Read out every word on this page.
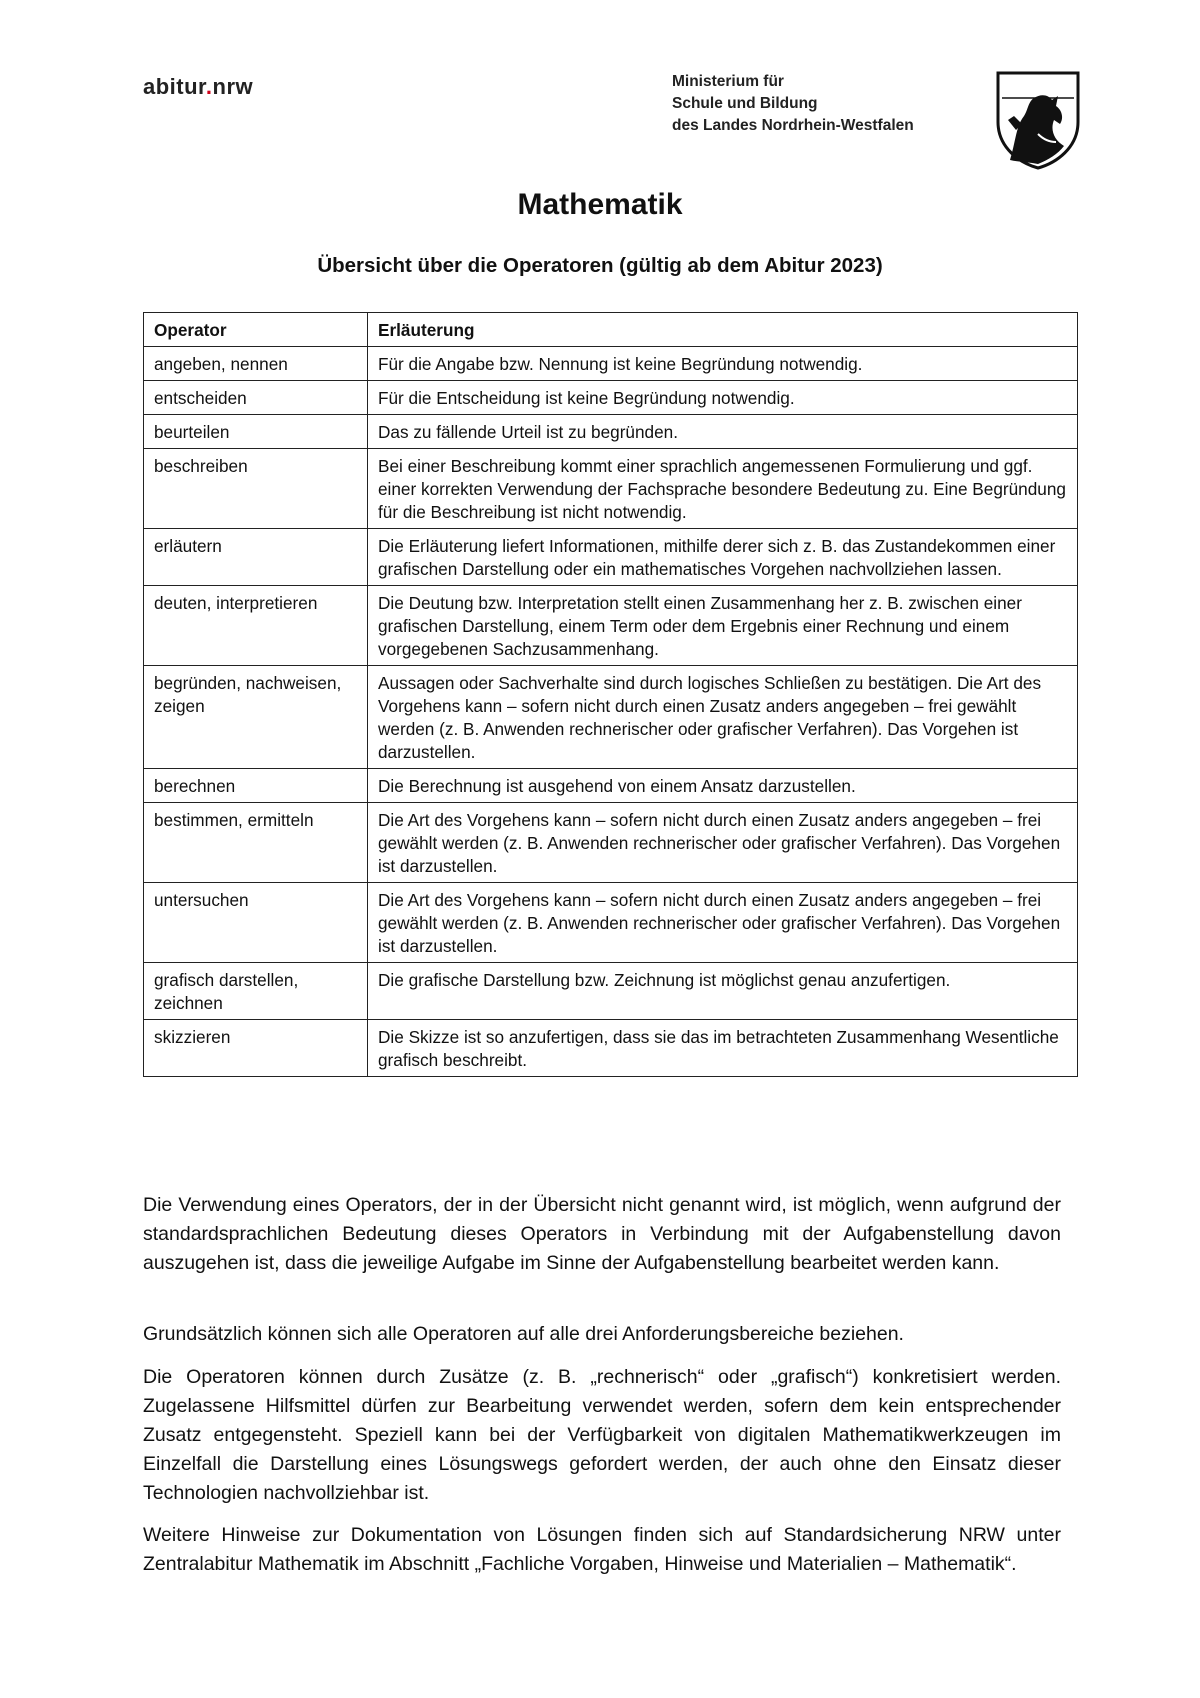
abitur.nrw	Ministerium für
Schule und Bildung
des Landes Nordrhein-Westfalen
Mathematik
Übersicht über die Operatoren (gültig ab dem Abitur 2023)
Operator	Erläuterung
angeben, nennen	Für die Angabe bzw. Nennung ist keine Begründung notwendig.
entscheiden	Für die Entscheidung ist keine Begründung notwendig.
beurteilen	Das zu fällende Urteil ist zu begründen.
beschreiben	Bei einer Beschreibung kommt einer sprachlich angemessenen Formulierung und ggf. einer korrekten Verwendung der Fachsprache besondere Bedeutung zu. Eine Begründung für die Beschreibung ist nicht notwendig.
erläutern	Die Erläuterung liefert Informationen, mithilfe derer sich z. B. das Zustandekommen einer grafischen Darstellung oder ein mathematisches Vorgehen nachvollziehen lassen.
deuten, interpretieren	Die Deutung bzw. Interpretation stellt einen Zusammenhang her z. B. zwischen einer grafischen Darstellung, einem Term oder dem Ergebnis einer Rechnung und einem vorgegebenen Sachzusammenhang.
begründen, nachweisen, zeigen	Aussagen oder Sachverhalte sind durch logisches Schließen zu bestätigen. Die Art des Vorgehens kann – sofern nicht durch einen Zusatz anders angegeben – frei gewählt werden (z. B. Anwenden rechnerischer oder grafischer Verfahren). Das Vorgehen ist darzustellen.
berechnen	Die Berechnung ist ausgehend von einem Ansatz darzustellen.
bestimmen, ermitteln	Die Art des Vorgehens kann – sofern nicht durch einen Zusatz anders angegeben – frei gewählt werden (z. B. Anwenden rechnerischer oder grafischer Verfahren). Das Vorgehen ist darzustellen.
untersuchen	Die Art des Vorgehens kann – sofern nicht durch einen Zusatz anders angegeben – frei gewählt werden (z. B. Anwenden rechnerischer oder grafischer Verfahren). Das Vorgehen ist darzustellen.
grafisch darstellen, zeichnen	Die grafische Darstellung bzw. Zeichnung ist möglichst genau anzufertigen.
skizzieren	Die Skizze ist so anzufertigen, dass sie das im betrachteten Zusammenhang Wesentliche grafisch beschreibt.

Die Verwendung eines Operators, der in der Übersicht nicht genannt wird, ist möglich, wenn aufgrund der standardsprachlichen Bedeutung dieses Operators in Verbindung mit der Aufgabenstellung davon auszugehen ist, dass die jeweilige Aufgabe im Sinne der Aufgabenstellung bearbeitet werden kann.

Grundsätzlich können sich alle Operatoren auf alle drei Anforderungsbereiche beziehen.

Die Operatoren können durch Zusätze (z. B. „rechnerisch“ oder „grafisch“) konkretisiert werden. Zugelassene Hilfsmittel dürfen zur Bearbeitung verwendet werden, sofern dem kein entsprechender Zusatz entgegensteht. Speziell kann bei der Verfügbarkeit von digitalen Mathematikwerkzeugen im Einzelfall die Darstellung eines Lösungswegs gefordert werden, der auch ohne den Einsatz dieser Technologien nachvollziehbar ist.

Weitere Hinweise zur Dokumentation von Lösungen finden sich auf Standardsicherung NRW unter Zentralabitur Mathematik im Abschnitt „Fachliche Vorgaben, Hinweise und Materialien – Mathematik“.
